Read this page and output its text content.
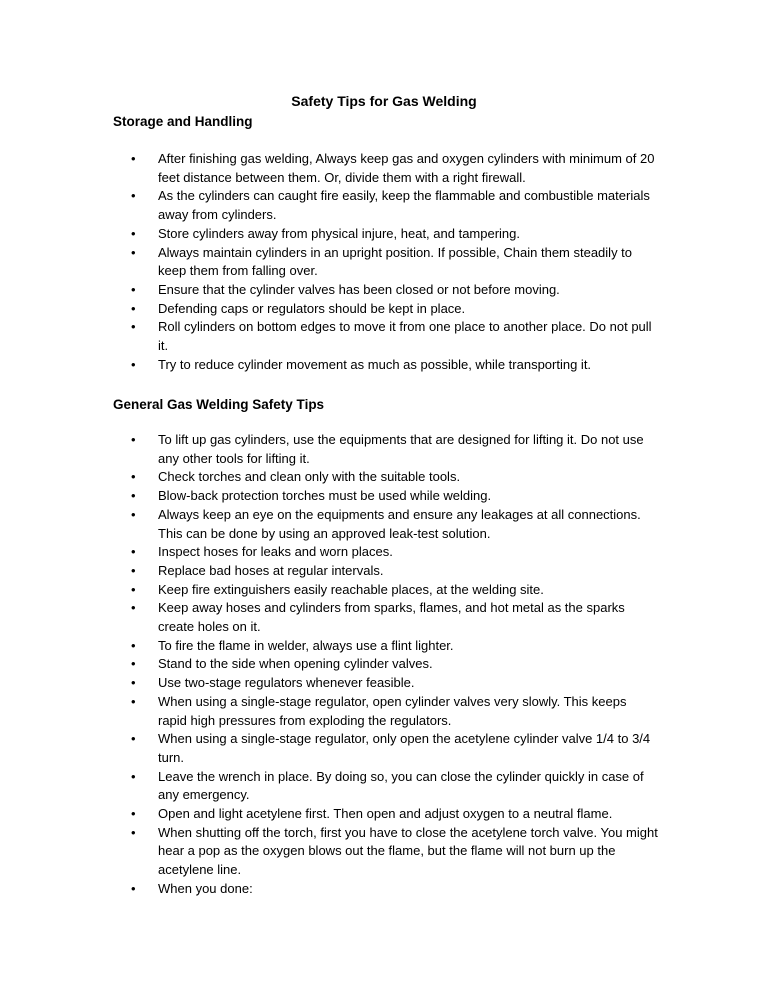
Safety Tips for Gas Welding
Storage and Handling
• After finishing gas welding, Always keep gas and oxygen cylinders with minimum of 20 feet distance between them. Or, divide them with a right firewall.
• As the cylinders can caught fire easily, keep the flammable and combustible materials away from cylinders.
• Store cylinders away from physical injure, heat, and tampering.
• Always maintain cylinders in an upright position. If possible, Chain them steadily to keep them from falling over.
• Ensure that the cylinder valves has been closed or not before moving.
• Defending caps or regulators should be kept in place.
• Roll cylinders on bottom edges to move it from one place to another place. Do not pull it.
• Try to reduce cylinder movement as much as possible, while transporting it.
General Gas Welding Safety Tips
• To lift up gas cylinders, use the equipments that are designed for lifting it. Do not use any other tools for lifting it.
• Check torches and clean only with the suitable tools.
• Blow-back protection torches must be used while welding.
• Always keep an eye on the equipments and ensure any leakages at all connections. This can be done by using an approved leak-test solution.
• Inspect hoses for leaks and worn places.
• Replace bad hoses at regular intervals.
• Keep fire extinguishers easily reachable places, at the welding site.
• Keep away hoses and cylinders from sparks, flames, and hot metal as the sparks create holes on it.
• To fire the flame in welder, always use a flint lighter.
• Stand to the side when opening cylinder valves.
• Use two-stage regulators whenever feasible.
• When using a single-stage regulator, open cylinder valves very slowly. This keeps rapid high pressures from exploding the regulators.
• When using a single-stage regulator, only open the acetylene cylinder valve 1/4 to 3/4 turn.
• Leave the wrench in place. By doing so, you can close the cylinder quickly in case of any emergency.
• Open and light acetylene first. Then open and adjust oxygen to a neutral flame.
• When shutting off the torch, first you have to close the acetylene torch valve. You might hear a pop as the oxygen blows out the flame, but the flame will not burn up the acetylene line.
• When you done:
